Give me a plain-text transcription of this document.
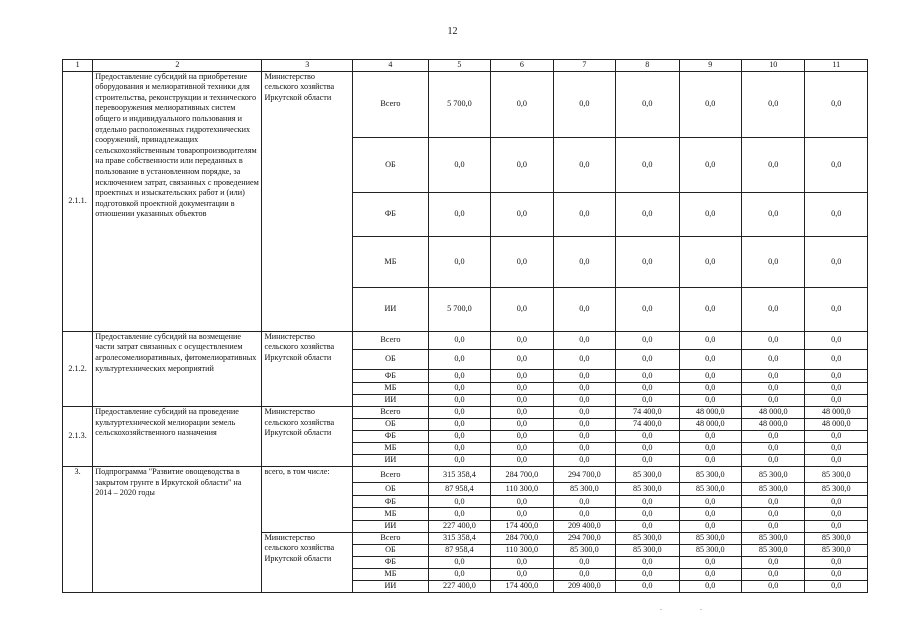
12
1	2	3	4	5	6	7	8	9	10	11
2.1.1.	Предоставление субсидий на приобретение оборудования и мелиоративной техники для строительства, реконструкции и технического перевооружения мелиоративных систем общего и индивидуального пользования и отдельно расположенных гидротехнических сооружений, принадлежащих сельскохозяйственным товаропроизводителям на праве собственности или переданных в пользование в установленном порядке, за исключением затрат, связанных с проведением проектных и изыскательских работ и (или) подготовкой проектной документации в отношении указанных объектов	Министерство сельского хозяйства Иркутской области	Всего	5 700,0	0,0	0,0	0,0	0,0	0,0	0,0
			ОБ	0,0	0,0	0,0	0,0	0,0	0,0	0,0
			ФБ	0,0	0,0	0,0	0,0	0,0	0,0	0,0
			МБ	0,0	0,0	0,0	0,0	0,0	0,0	0,0
			ИИ	5 700,0	0,0	0,0	0,0	0,0	0,0	0,0
2.1.2.	Предоставление субсидий на возмещение части затрат связанных с осуществлением агролесомелиоративных, фитомелиоративных культуртехнических мероприятий	Министерство сельского хозяйства Иркутской области	Всего	0,0	0,0	0,0	0,0	0,0	0,0	0,0
			ОБ	0,0	0,0	0,0	0,0	0,0	0,0	0,0
			ФБ	0,0	0,0	0,0	0,0	0,0	0,0	0,0
			МБ	0,0	0,0	0,0	0,0	0,0	0,0	0,0
			ИИ	0,0	0,0	0,0	0,0	0,0	0,0	0,0
2.1.3.	Предоставление субсидий на проведение культуртехнической мелиорации земель сельскохозяйственного назначения	Министерство сельского хозяйства Иркутской области	Всего	0,0	0,0	0,0	74 400,0	48 000,0	48 000,0	48 000,0
			ОБ	0,0	0,0	0,0	74 400,0	48 000,0	48 000,0	48 000,0
			ФБ	0,0	0,0	0,0	0,0	0,0	0,0	0,0
			МБ	0,0	0,0	0,0	0,0	0,0	0,0	0,0
			ИИ	0,0	0,0	0,0	0,0	0,0	0,0	0,0
3.	Подпрограмма "Развитие овощеводства в закрытом грунте в Иркутской области" на 2014 – 2020 годы	всего, в том числе:	Всего	315 358,4	284 700,0	294 700,0	85 300,0	85 300,0	85 300,0	85 300,0
			ОБ	87 958,4	110 300,0	85 300,0	85 300,0	85 300,0	85 300,0	85 300,0
			ФБ	0,0	0,0	0,0	0,0	0,0	0,0	0,0
			МБ	0,0	0,0	0,0	0,0	0,0	0,0	0,0
			ИИ	227 400,0	174 400,0	209 400,0	0,0	0,0	0,0	0,0
		Министерство сельского хозяйства Иркутской области	Всего	315 358,4	284 700,0	294 700,0	85 300,0	85 300,0	85 300,0	85 300,0
			ОБ	87 958,4	110 300,0	85 300,0	85 300,0	85 300,0	85 300,0	85 300,0
			ФБ	0,0	0,0	0,0	0,0	0,0	0,0	0,0
			МБ	0,0	0,0	0,0	0,0	0,0	0,0	0,0
			ИИ	227 400,0	174 400,0	209 400,0	0,0	0,0	0,0	0,0
.   .
